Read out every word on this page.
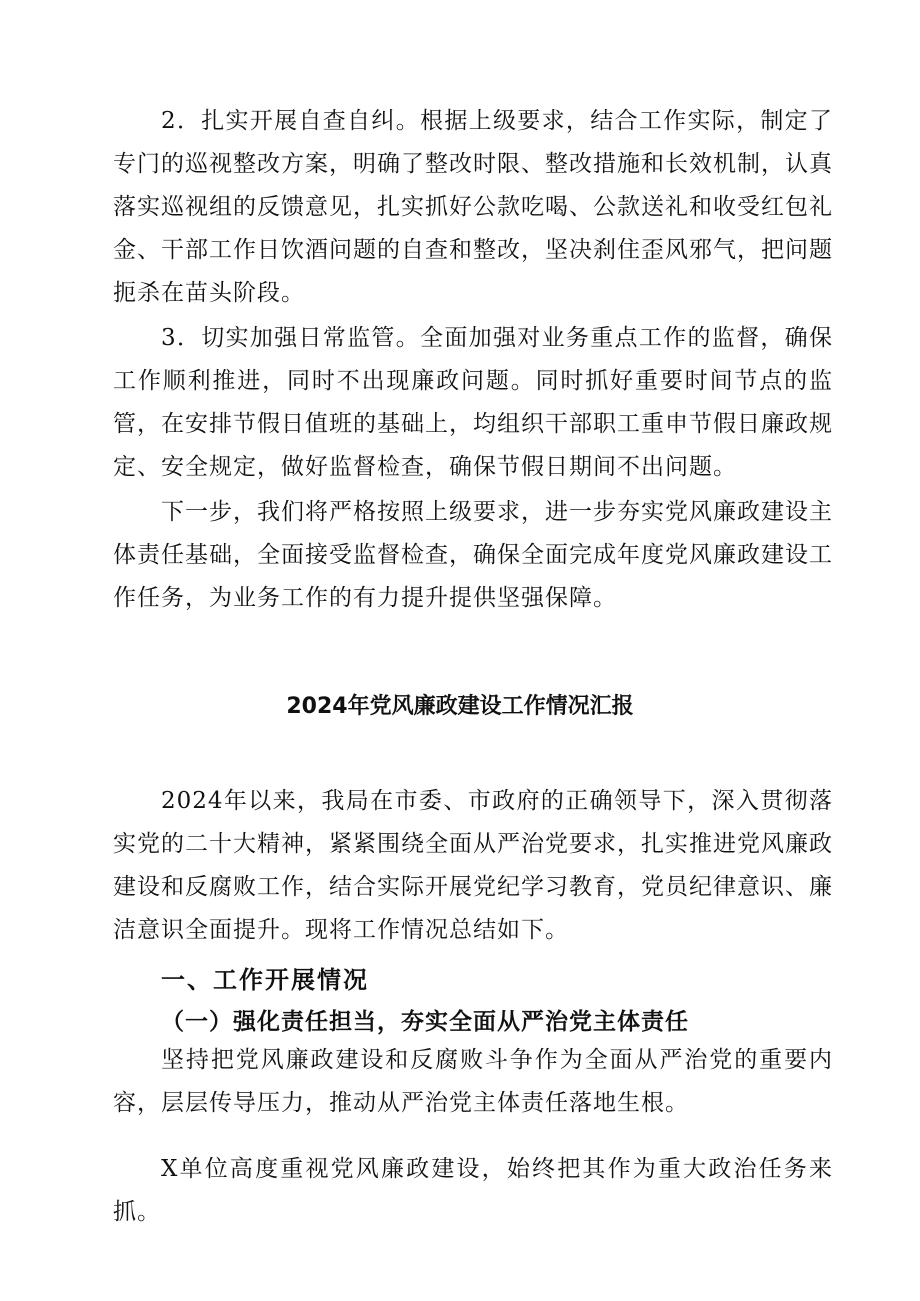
2．扎实开展自查自纠。根据上级要求，结合工作实际，制定了专门的巡视整改方案，明确了整改时限、整改措施和长效机制，认真落实巡视组的反馈意见，扎实抓好公款吃喝、公款送礼和收受红包礼金、干部工作日饮酒问题的自查和整改，坚决刹住歪风邪气，把问题扼杀在苗头阶段。

3．切实加强日常监管。全面加强对业务重点工作的监督，确保工作顺利推进，同时不出现廉政问题。同时抓好重要时间节点的监管，在安排节假日值班的基础上，均组织干部职工重申节假日廉政规定、安全规定，做好监督检查，确保节假日期间不出问题。

下一步，我们将严格按照上级要求，进一步夯实党风廉政建设主体责任基础，全面接受监督检查，确保全面完成年度党风廉政建设工作任务，为业务工作的有力提升提供坚强保障。

2024年党风廉政建设工作情况汇报

2024年以来，我局在市委、市政府的正确领导下，深入贯彻落实党的二十大精神，紧紧围绕全面从严治党要求，扎实推进党风廉政建设和反腐败工作，结合实际开展党纪学习教育，党员纪律意识、廉洁意识全面提升。现将工作情况总结如下。

一、工作开展情况
（一）强化责任担当，夯实全面从严治党主体责任

坚持把党风廉政建设和反腐败斗争作为全面从严治党的重要内容，层层传导压力，推动从严治党主体责任落地生根。

X单位高度重视党风廉政建设，始终把其作为重大政治任务来抓。
